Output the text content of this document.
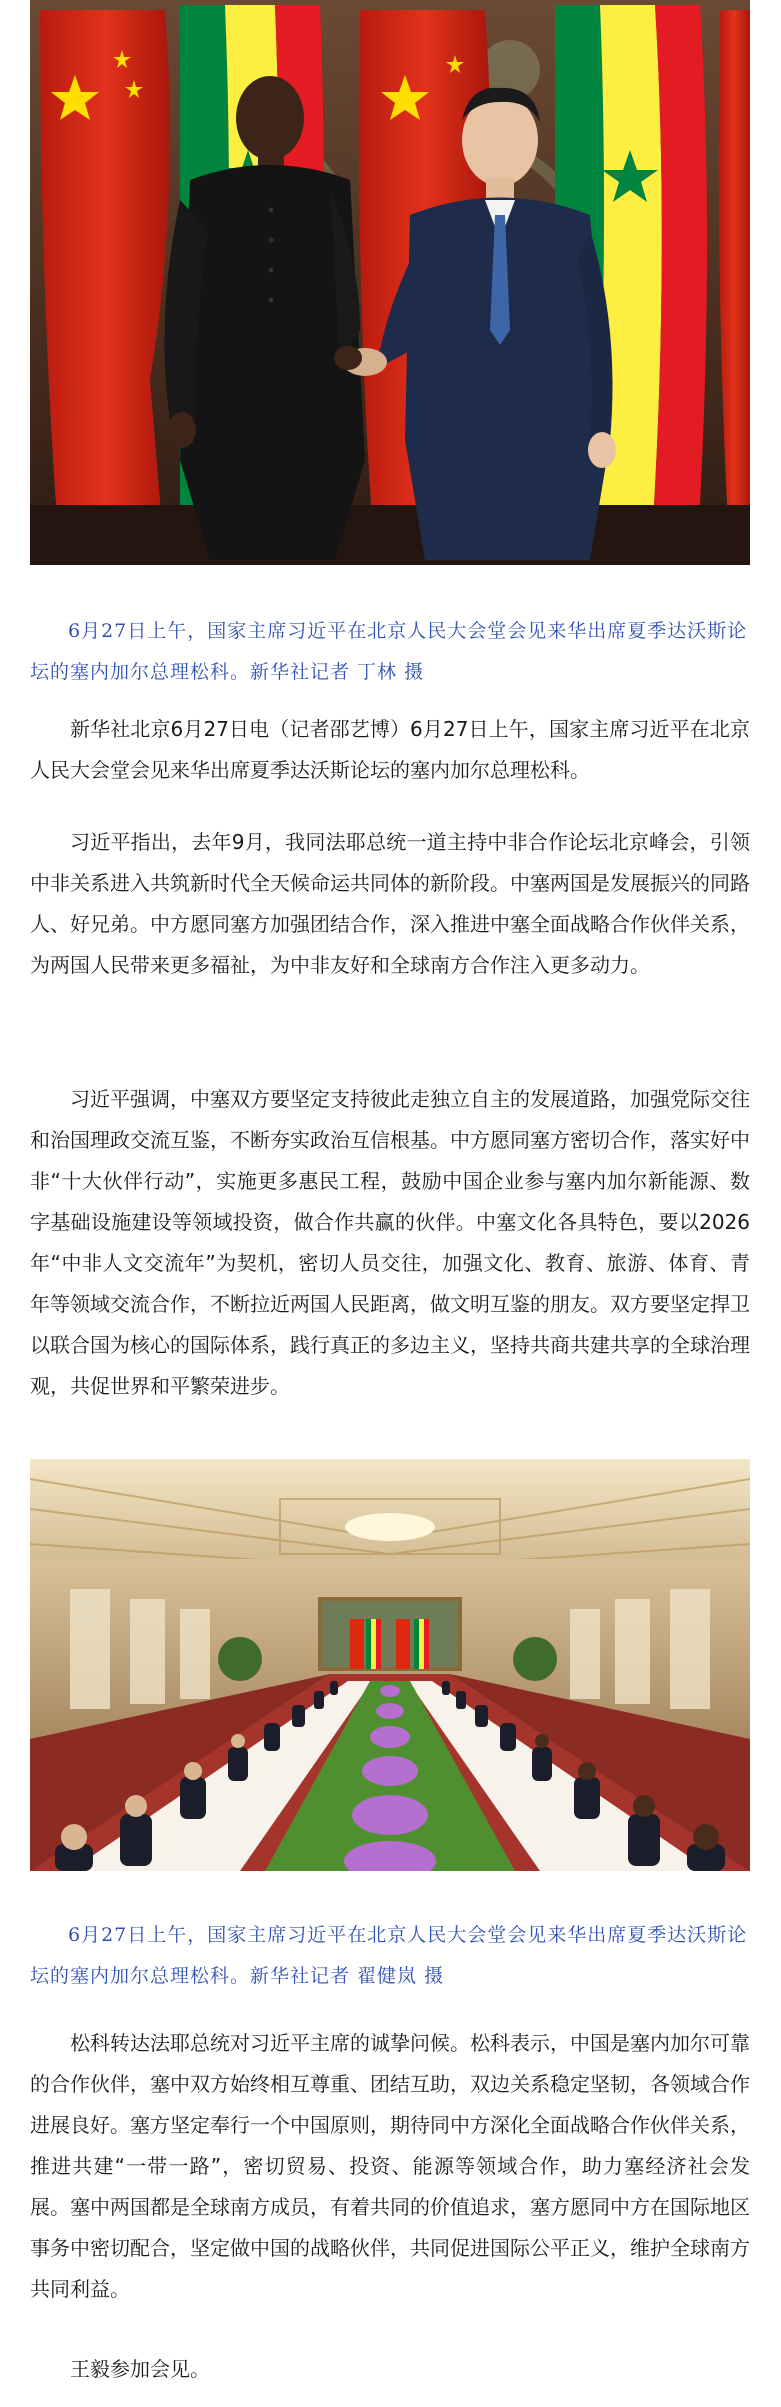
6月27日上午，国家主席习近平在北京人民大会堂会见来华出席夏季达沃斯论坛的塞内加尔总理松科。新华社记者 丁林 摄

新华社北京6月27日电（记者邵艺博）6月27日上午，国家主席习近平在北京人民大会堂会见来华出席夏季达沃斯论坛的塞内加尔总理松科。

习近平指出，去年9月，我同法耶总统一道主持中非合作论坛北京峰会，引领中非关系进入共筑新时代全天候命运共同体的新阶段。中塞两国是发展振兴的同路人、好兄弟。中方愿同塞方加强团结合作，深入推进中塞全面战略合作伙伴关系，为两国人民带来更多福祉，为中非友好和全球南方合作注入更多动力。

习近平强调，中塞双方要坚定支持彼此走独立自主的发展道路，加强党际交往和治国理政交流互鉴，不断夯实政治互信根基。中方愿同塞方密切合作，落实好中非“十大伙伴行动”，实施更多惠民工程，鼓励中国企业参与塞内加尔新能源、数字基础设施建设等领域投资，做合作共赢的伙伴。中塞文化各具特色，要以2026年“中非人文交流年”为契机，密切人员交往，加强文化、教育、旅游、体育、青年等领域交流合作，不断拉近两国人民距离，做文明互鉴的朋友。双方要坚定捍卫以联合国为核心的国际体系，践行真正的多边主义，坚持共商共建共享的全球治理观，共促世界和平繁荣进步。

6月27日上午，国家主席习近平在北京人民大会堂会见来华出席夏季达沃斯论坛的塞内加尔总理松科。新华社记者 翟健岚 摄

松科转达法耶总统对习近平主席的诚挚问候。松科表示，中国是塞内加尔可靠的合作伙伴，塞中双方始终相互尊重、团结互助，双边关系稳定坚韧，各领域合作进展良好。塞方坚定奉行一个中国原则，期待同中方深化全面战略合作伙伴关系，推进共建“一带一路”，密切贸易、投资、能源等领域合作，助力塞经济社会发展。塞中两国都是全球南方成员，有着共同的价值追求，塞方愿同中方在国际地区事务中密切配合，坚定做中国的战略伙伴，共同促进国际公平正义，维护全球南方共同利益。

王毅参加会见。
